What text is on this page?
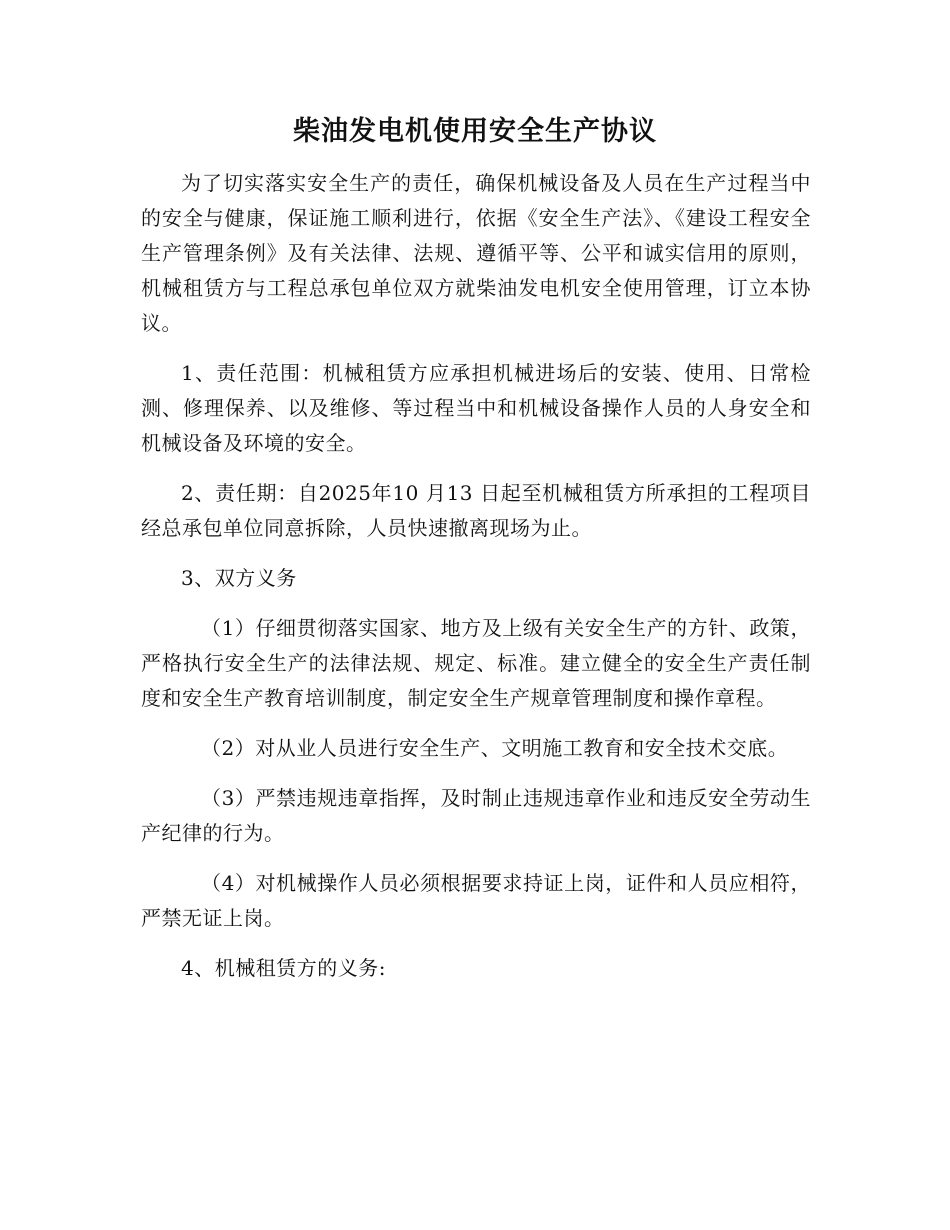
柴油发电机使用安全生产协议

为了切实落实安全生产的责任，确保机械设备及人员在生产过程当中的安全与健康，保证施工顺利进行，依据《安全生产法》、《建设工程安全生产管理条例》及有关法律、法规、遵循平等、公平和诚实信用的原则，机械租赁方与工程总承包单位双方就柴油发电机安全使用管理，订立本协议。

1、责任范围：机械租赁方应承担机械进场后的安装、使用、日常检测、修理保养、以及维修、等过程当中和机械设备操作人员的人身安全和机械设备及环境的安全。

2、责任期：自2025年10 月13 日起至机械租赁方所承担的工程项目经总承包单位同意拆除，人员快速撤离现场为止。

3、双方义务

（1）仔细贯彻落实国家、地方及上级有关安全生产的方针、政策，严格执行安全生产的法律法规、规定、标准。建立健全的安全生产责任制度和安全生产教育培训制度，制定安全生产规章管理制度和操作章程。

（2）对从业人员进行安全生产、文明施工教育和安全技术交底。

（3）严禁违规违章指挥，及时制止违规违章作业和违反安全劳动生产纪律的行为。

（4）对机械操作人员必须根据要求持证上岗，证件和人员应相符，严禁无证上岗。

4、机械租赁方的义务:
